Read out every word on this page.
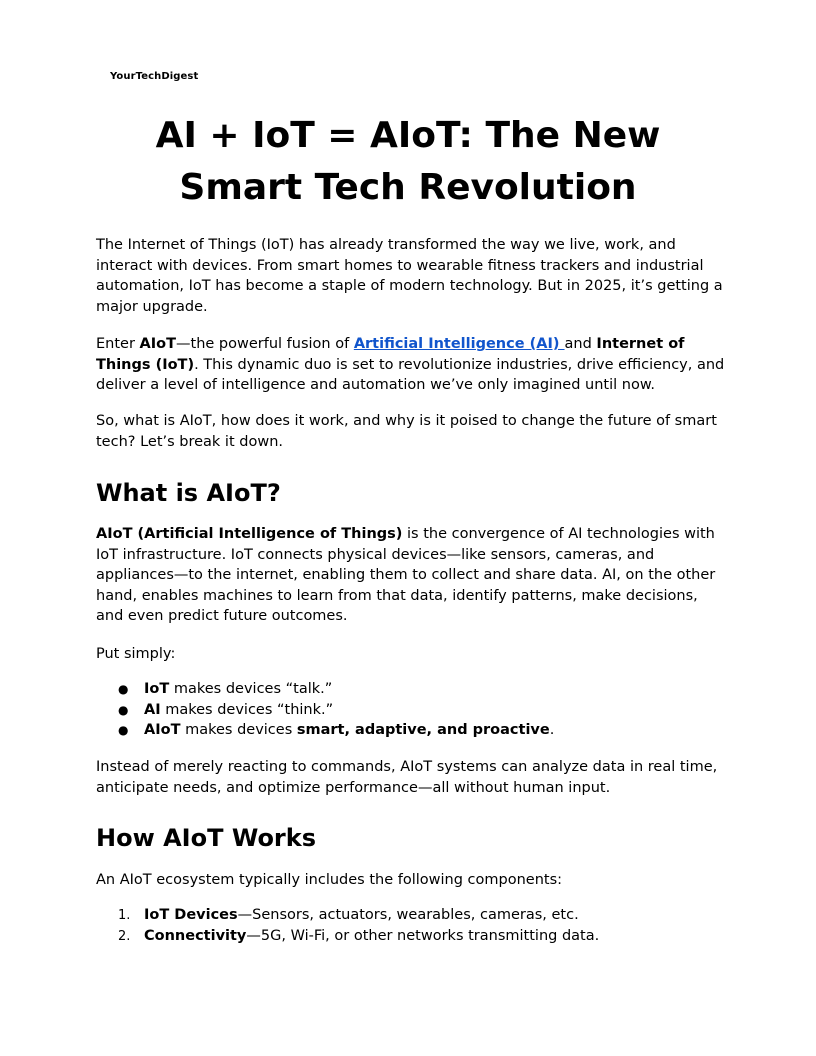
YourTechDigest
AI + IoT = AIoT: The New Smart Tech Revolution

The Internet of Things (IoT) has already transformed the way we live, work, and interact with devices. From smart homes to wearable fitness trackers and industrial automation, IoT has become a staple of modern technology. But in 2025, it’s getting a major upgrade.

Enter AIoT—the powerful fusion of Artificial Intelligence (AI) and Internet of Things (IoT). This dynamic duo is set to revolutionize industries, drive efficiency, and deliver a level of intelligence and automation we’ve only imagined until now.

So, what is AIoT, how does it work, and why is it poised to change the future of smart tech? Let’s break it down.

What is AIoT?

AIoT (Artificial Intelligence of Things) is the convergence of AI technologies with IoT infrastructure. IoT connects physical devices—like sensors, cameras, and appliances—to the internet, enabling them to collect and share data. AI, on the other hand, enables machines to learn from that data, identify patterns, make decisions, and even predict future outcomes.

Put simply:

● IoT makes devices “talk.”
● AI makes devices “think.”
● AIoT makes devices smart, adaptive, and proactive.

Instead of merely reacting to commands, AIoT systems can analyze data in real time, anticipate needs, and optimize performance—all without human input.

How AIoT Works

An AIoT ecosystem typically includes the following components:

1. IoT Devices—Sensors, actuators, wearables, cameras, etc.
2. Connectivity—5G, Wi-Fi, or other networks transmitting data.
